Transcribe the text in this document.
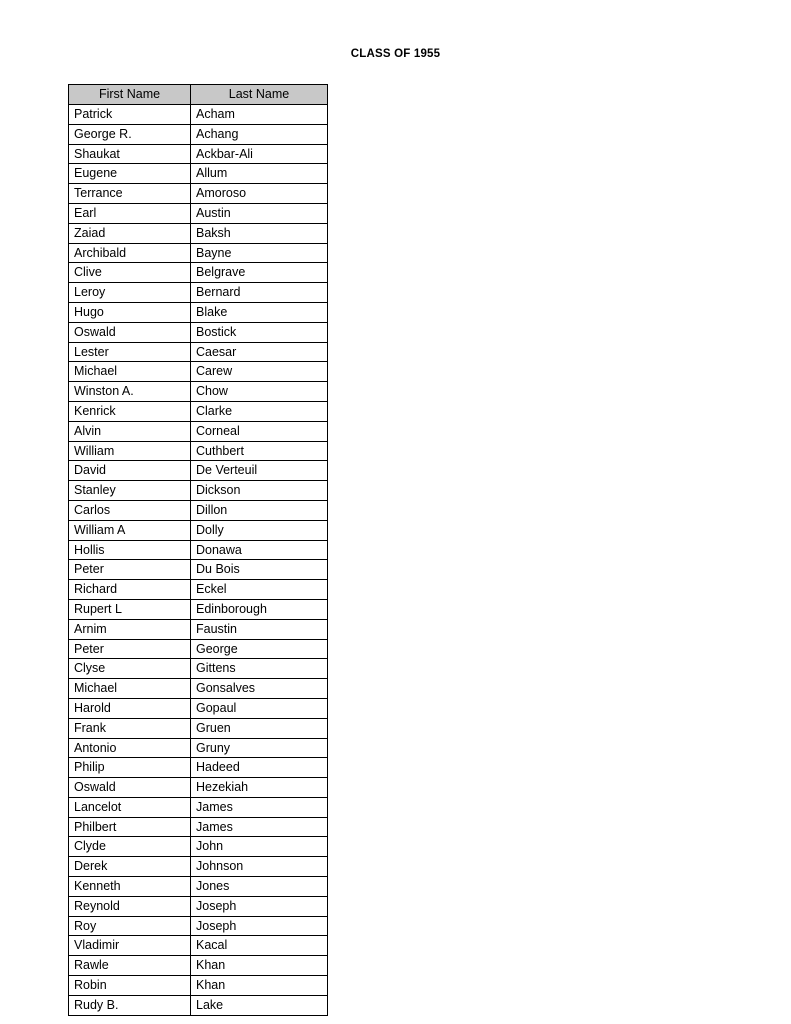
CLASS OF 1955
First Name	Last Name
Patrick	Acham
George R.	Achang
Shaukat	Ackbar-Ali
Eugene	Allum
Terrance	Amoroso
Earl	Austin
Zaiad	Baksh
Archibald	Bayne
Clive	Belgrave
Leroy	Bernard
Hugo	Blake
Oswald	Bostick
Lester	Caesar
Michael	Carew
Winston A.	Chow
Kenrick	Clarke
Alvin	Corneal
William	Cuthbert
David	De Verteuil
Stanley	Dickson
Carlos	Dillon
William A	Dolly
Hollis	Donawa
Peter	Du Bois
Richard	Eckel
Rupert L	Edinborough
Arnim	Faustin
Peter	George
Clyse	Gittens
Michael	Gonsalves
Harold	Gopaul
Frank	Gruen
Antonio	Gruny
Philip	Hadeed
Oswald	Hezekiah
Lancelot	James
Philbert	James
Clyde	John
Derek	Johnson
Kenneth	Jones
Reynold	Joseph
Roy	Joseph
Vladimir	Kacal
Rawle	Khan
Robin	Khan
Rudy B.	Lake
